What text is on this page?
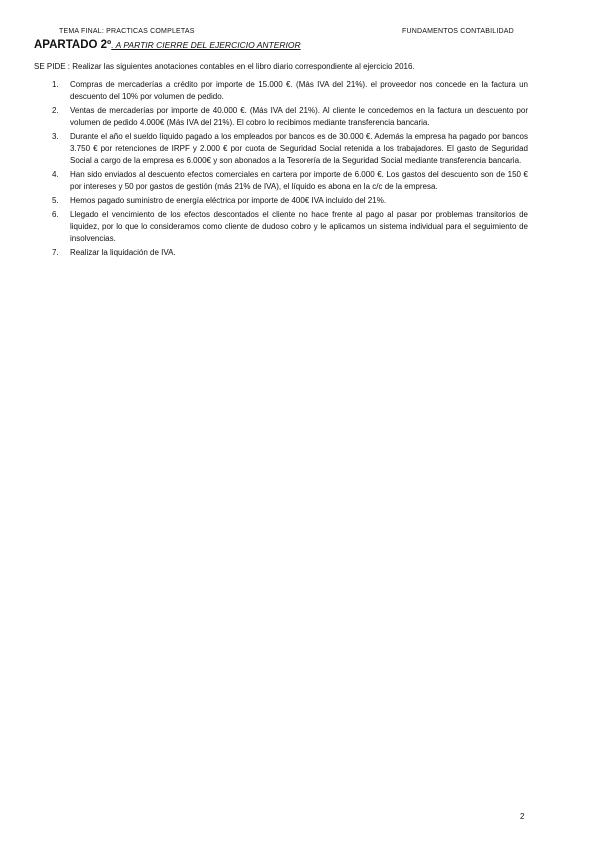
TEMA FINAL: PRACTICAS COMPLETAS	FUNDAMENTOS CONTABILIDAD
APARTADO 2º. A PARTIR CIERRE DEL EJERCICIO ANTERIOR
SE PIDE : Realizar las siguientes anotaciones contables en el libro diario correspondiente al ejercicio 2016.
1.	Compras de mercaderías a crédito por importe de 15.000 €. (Más IVA del 21%). el proveedor nos concede en la factura un descuento del 10% por volumen de pedido.
2.	Ventas de mercaderías por importe de 40.000 €. (Más IVA del 21%). Al cliente le concedemos en la factura un descuento por volumen de pedido 4.000€ (Más IVA del 21%). El cobro lo recibimos mediante transferencia bancaria.
3.	Durante el año el sueldo líquido pagado a los empleados por bancos es de 30.000 €. Además la empresa ha pagado por bancos 3.750 € por retenciones de IRPF y 2.000 € por cuota de Seguridad Social retenida a los trabajadores. El gasto de Seguridad Social a cargo de la empresa es 6.000€ y son abonados a la Tesorería de la Seguridad Social mediante transferencia bancaria.
4.	Han sido enviados al descuento efectos comerciales en cartera por importe de 6.000 €. Los gastos del descuento son de 150 € por intereses y 50 por gastos de gestión (más 21% de IVA), el líquido es abona en la c/c de la empresa.
5.	Hemos pagado suministro de energía eléctrica por importe de 400€ IVA incluido del 21%.
6.	Llegado el vencimiento de los efectos descontados el cliente no hace frente al pago al pasar por problemas transitorios de liquidez, por lo que lo consideramos como cliente de dudoso cobro y le aplicamos un sistema individual para el seguimiento de insolvencias.
7.	Realizar la liquidación de IVA.
2
